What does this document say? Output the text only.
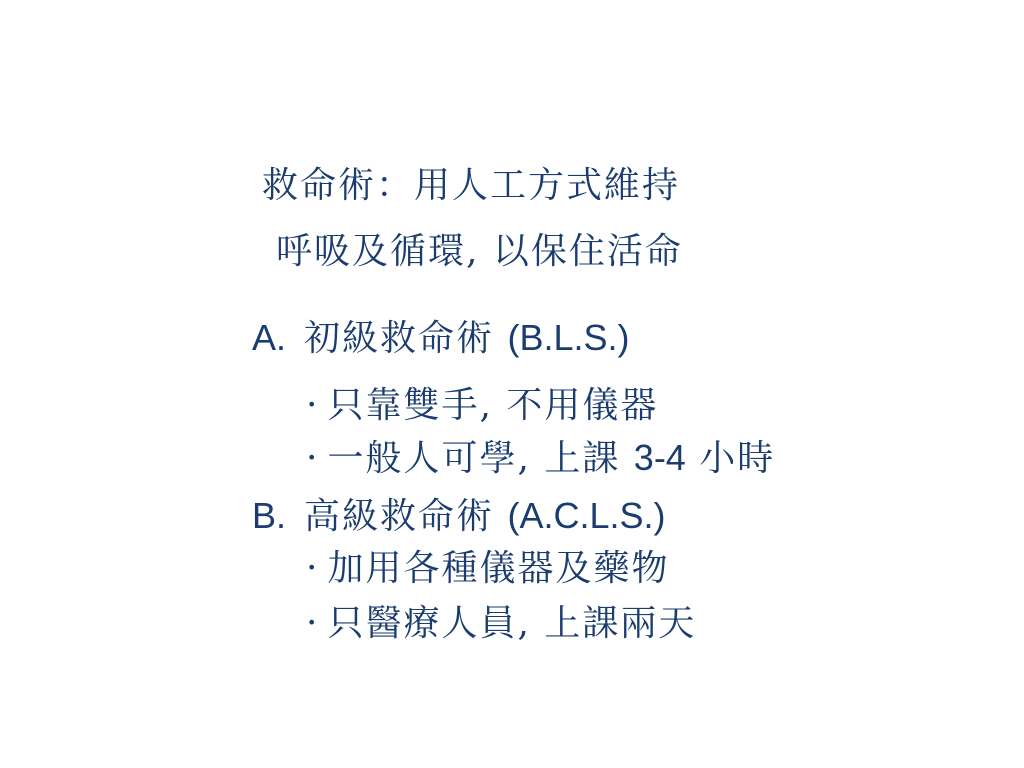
救命術：用人工方式維持
呼吸及循環, 以保住活命
A. 初級救命術 (B.L.S.)
· 只靠雙手, 不用儀器
· 一般人可學, 上課 3-4 小時
B. 高級救命術 (A.C.L.S.)
· 加用各種儀器及藥物
· 只醫療人員, 上課兩天
